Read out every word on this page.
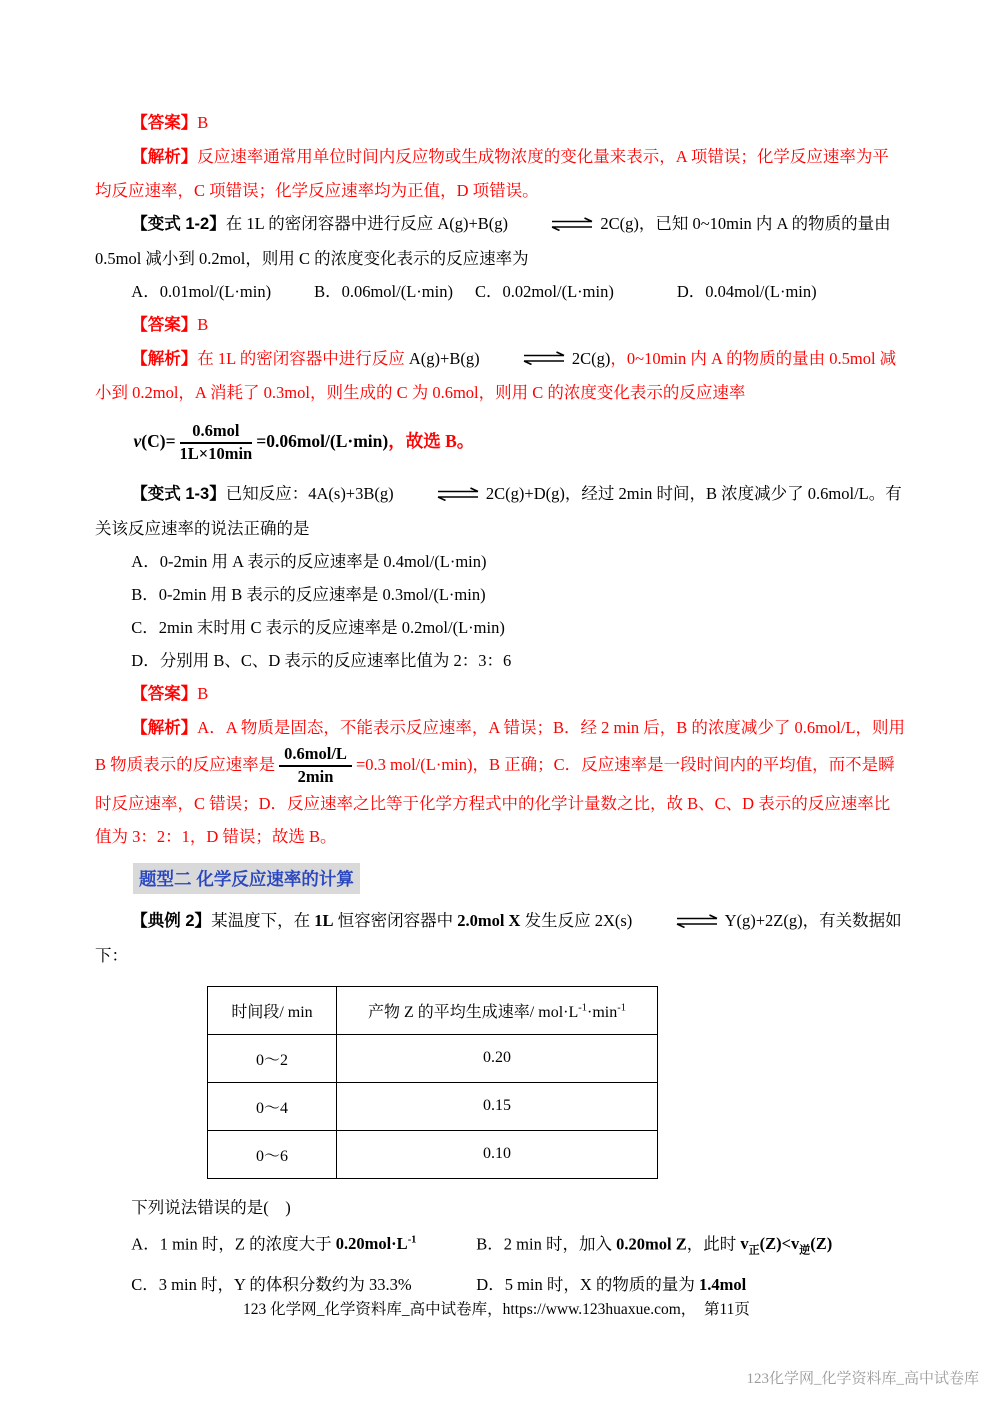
【答案】B

【解析】反应速率通常用单位时间内反应物或生成物浓度的变化量来表示，A 项错误；化学反应速率为平均反应速率，C 项错误；化学反应速率均为正值，D 项错误。

【变式 1-2】在 1L 的密闭容器中进行反应 A(g)+B(g)	2C(g)，已知 0~10min 内 A 的物质的量由 0.5mol 减小到 0.2mol，则用 C 的浓度变化表示的反应速率为

A．0.01mol/(L·min)	B．0.06mol/(L·min) C．0.02mol/(L·min)	D．0.04mol/(L·min)

【答案】B

【解析】在 1L 的密闭容器中进行反应 A(g)+B(g)	2C(g)，0~10min 内 A 的物质的量由 0.5mol 减小到 0.2mol，A 消耗了 0.3mol，则生成的 C 为 0.6mol，则用 C 的浓度变化表示的反应速率

$v(C)= \frac{\text{0.6mol}}{1L\times 10\min} =0.06mol/(L\cdot\min)$，故选 B。

【变式 1-3】已知反应：4A(s)+3B(g)	2C(g)+D(g)，经过 2min 时间，B 浓度减少了 0.6mol/L。有关该反应速率的说法正确的是

A．0-2min 用 A 表示的反应速率是 0.4mol/(L·min)

B．0-2min 用 B 表示的反应速率是 0.3mol/(L·min)

C．2min 末时用 C 表示的反应速率是 0.2mol/(L·min)

D．分别用 B、C、D 表示的反应速率比值为 2：3：6

【答案】B

【解析】A．A 物质是固态，不能表示反应速率，A 错误；B．经 2 min 后，B 的浓度减少了 0.6mol/L，则用 B 物质表示的反应速率是 $\frac{\text{0.6mol/L}}{2\min} =0.3$ mol/(L·min)，B 正确；C．反应速率是一段时间内的平均值，而不是瞬时反应速率，C 错误；D．反应速率之比等于化学方程式中的化学计量数之比，故 B、C、D 表示的反应速率比值为 3：2：1，D 错误；故选 B。

题型二 化学反应速率的计算

【典例 2】某温度下，在 1L 恒容密闭容器中 2.0mol X 发生反应 2X(s)	Y(g)+2Z(g)，有关数据如下：

时间段/ min	产物 Z 的平均生成速率/ $mol\cdot L^{-1}\cdot\min^{-1}$
0～2	0.20
0～4	0.15
0～6	0.10

下列说法错误的是(　)

A．1 min 时，Z 的浓度大于 $0.20mol\cdot L^{-1}$	B．2 min 时，加入 0.20mol Z，此时 $v_正(Z)<v_逆(Z)$

C．3 min 时，Y 的体积分数约为 33.3%	D．5 min 时，X 的物质的量为 1.4mol

123 化学网_化学资料库_高中试卷库，https://www.123huaxue.com，　第11页
123化学网_化学资料库_高中试卷库
